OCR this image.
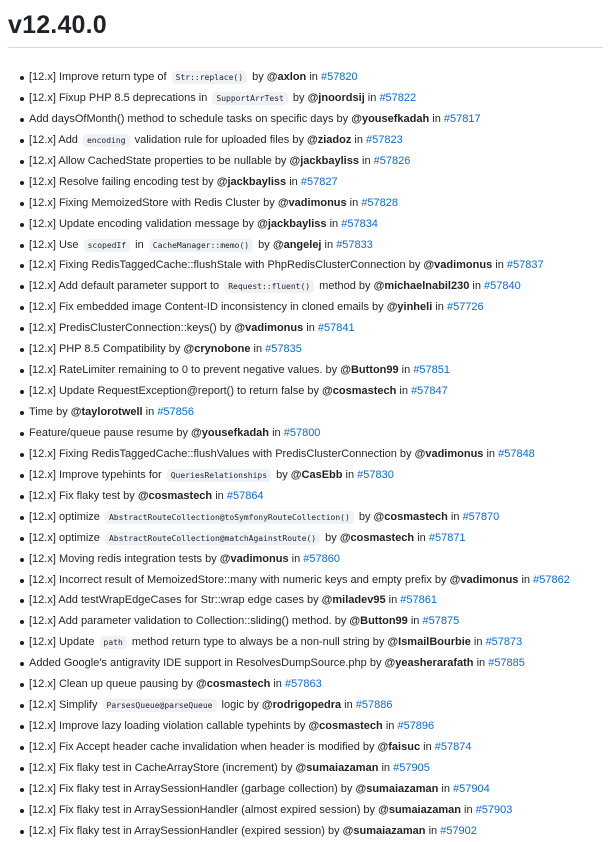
v12.40.0
[12.x] Improve return type of Str::replace() by @axlon in #57820
[12.x] Fixup PHP 8.5 deprecations in SupportArrTest by @jnoordsij in #57822
Add daysOfMonth() method to schedule tasks on specific days by @yousefkadah in #57817
[12.x] Add encoding validation rule for uploaded files by @ziadoz in #57823
[12.x] Allow CachedState properties to be nullable by @jackbayliss in #57826
[12.x] Resolve failing encoding test by @jackbayliss in #57827
[12.x] Fixing MemoizedStore with Redis Cluster by @vadimonus in #57828
[12.x] Update encoding validation message by @jackbayliss in #57834
[12.x] Use scopedIf in CacheManager::memo() by @angelej in #57833
[12.x] Fixing RedisTaggedCache::flushStale with PhpRedisClusterConnection by @vadimonus in #57837
[12.x] Add default parameter support to Request::fluent() method by @michaelnabil230 in #57840
[12.x] Fix embedded image Content-ID inconsistency in cloned emails by @yinheli in #57726
[12.x] PredisClusterConnection::keys() by @vadimonus in #57841
[12.x] PHP 8.5 Compatibility by @crynobone in #57835
[12.x] RateLimiter remaining to 0 to prevent negative values. by @Button99 in #57851
[12.x] Update RequestException@report() to return false by @cosmastech in #57847
Time by @taylorotwell in #57856
Feature/queue pause resume by @yousefkadah in #57800
[12.x] Fixing RedisTaggedCache::flushValues with PredisClusterConnection by @vadimonus in #57848
[12.x] Improve typehints for QueriesRelationships by @CasEbb in #57830
[12.x] Fix flaky test by @cosmastech in #57864
[12.x] optimize AbstractRouteCollection@toSymfonyRouteCollection() by @cosmastech in #57870
[12.x] optimize AbstractRouteCollection@matchAgainstRoute() by @cosmastech in #57871
[12.x] Moving redis integration tests by @vadimonus in #57860
[12.x] Incorrect result of MemoizedStore::many with numeric keys and empty prefix by @vadimonus in #57862
[12.x] Add testWrapEdgeCases for Str::wrap edge cases by @miladev95 in #57861
[12.x] Add parameter validation to Collection::sliding() method. by @Button99 in #57875
[12.x] Update path method return type to always be a non-null string by @IsmailBourbie in #57873
Added Google's antigravity IDE support in ResolvesDumpSource.php by @yeasherarafath in #57885
[12.x] Clean up queue pausing by @cosmastech in #57863
[12.x] Simplify ParsesQueue@parseQueue logic by @rodrigopedra in #57886
[12.x] Improve lazy loading violation callable typehints by @cosmastech in #57896
[12.x] Fix Accept header cache invalidation when header is modified by @faisuc in #57874
[12.x] Fix flaky test in CacheArrayStore (increment) by @sumaiazaman in #57905
[12.x] Fix flaky test in ArraySessionHandler (garbage collection) by @sumaiazaman in #57904
[12.x] Fix flaky test in ArraySessionHandler (almost expired session) by @sumaiazaman in #57903
[12.x] Fix flaky test in ArraySessionHandler (expired session) by @sumaiazaman in #57902
